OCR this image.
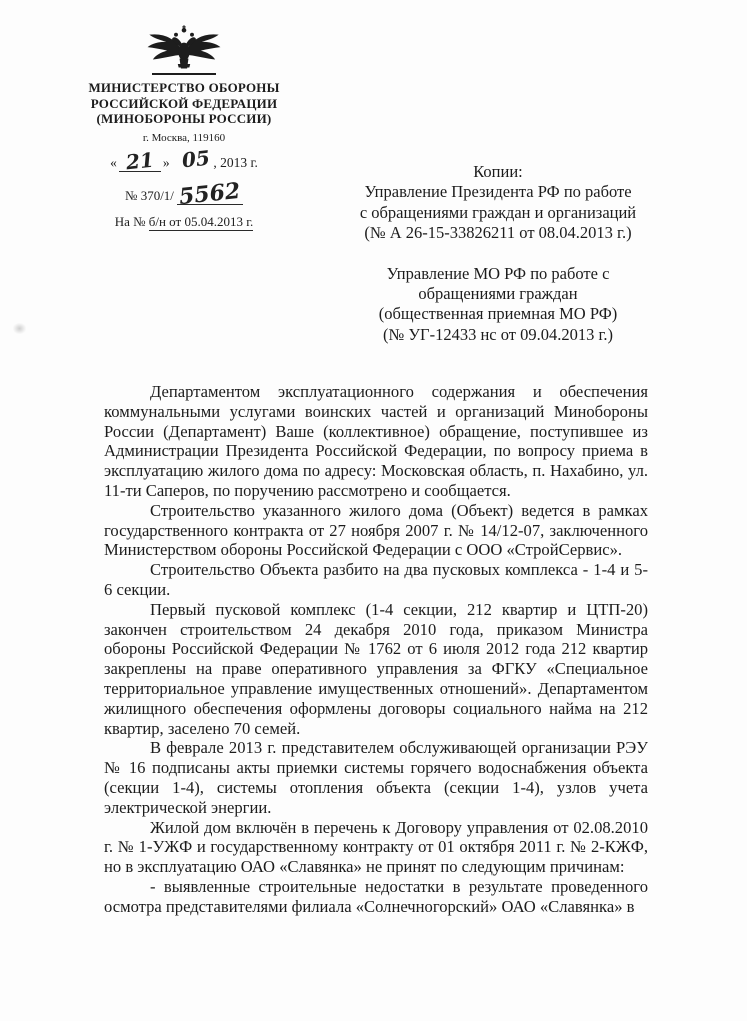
МИНИСТЕРСТВО ОБОРОНЫ
РОССИЙСКОЙ ФЕДЕРАЦИИ
(МИНОБОРОНЫ РОССИИ)
г. Москва, 119160
« 21 » 05 , 2013 г.
№ 370/1/ 5562
На № б/н от 05.04.2013 г.
Копии:
Управление Президента РФ по работе
с обращениями граждан и организаций
(№ А 26-15-33826211 от 08.04.2013 г.)
Управление МО РФ по работе с
обращениями граждан
(общественная приемная МО РФ)
(№ УГ-12433 нс от 09.04.2013 г.)

Департаментом эксплуатационного содержания и обеспечения коммунальными услугами воинских частей и организаций Минобороны России (Департамент) Ваше (коллективное) обращение, поступившее из Администрации Президента Российской Федерации, по вопросу приема в эксплуатацию жилого дома по адресу: Московская область, п. Нахабино, ул. 11-ти Саперов, по поручению рассмотрено и сообщается.

Строительство указанного жилого дома (Объект) ведется в рамках государственного контракта от 27 ноября 2007 г. № 14/12-07, заключенного Министерством обороны Российской Федерации с ООО «СтройСервис».

Строительство Объекта разбито на два пусковых комплекса - 1-4 и 5-6 секции.

Первый пусковой комплекс (1-4 секции, 212 квартир и ЦТП-20) закончен строительством 24 декабря 2010 года, приказом Министра обороны Российской Федерации № 1762 от 6 июля 2012 года 212 квартир закреплены на праве оперативного управления за ФГКУ «Специальное территориальное управление имущественных отношений». Департаментом жилищного обеспечения оформлены договоры социального найма на 212 квартир, заселено 70 семей.

В феврале 2013 г. представителем обслуживающей организации РЭУ № 16 подписаны акты приемки системы горячего водоснабжения объекта (секции 1-4), системы отопления объекта (секции 1-4), узлов учета электрической энергии.

Жилой дом включён в перечень к Договору управления от 02.08.2010 г. № 1-УЖФ и государственному контракту от 01 октября 2011 г. № 2-КЖФ, но в эксплуатацию ОАО «Славянка» не принят по следующим причинам:

- выявленные строительные недостатки в результате проведенного осмотра представителями филиала «Солнечногорский» ОАО «Славянка» в
